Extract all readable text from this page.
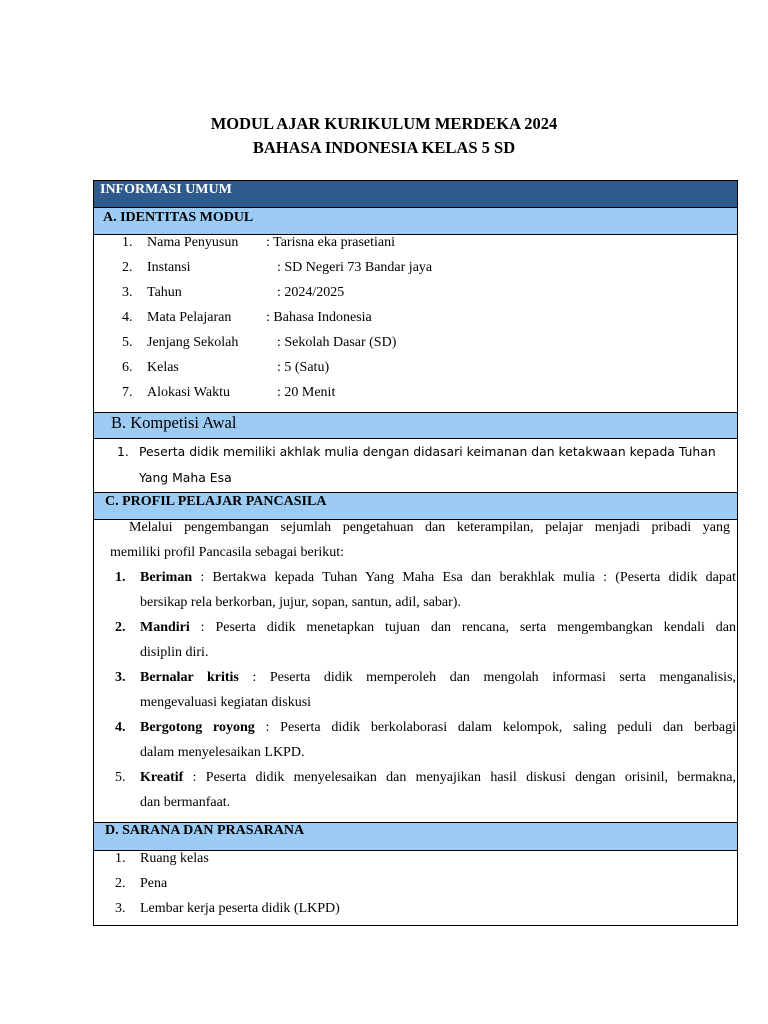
MODUL AJAR KURIKULUM MERDEKA 2024
BAHASA INDONESIA KELAS 5 SD
INFORMASI UMUM
A. IDENTITAS MODUL
1. Nama Penyusun : Tarisna eka prasetiani
2. Instansi	: SD Negeri 73 Bandar jaya
3. Tahun	: 2024/2025
4. Mata Pelajaran : Bahasa Indonesia
5. Jenjang Sekolah	: Sekolah Dasar (SD)
6. Kelas	: 5 (Satu)
7. Alokasi Waktu	: 20 Menit
B. Kompetisi Awal
1. Peserta didik memiliki akhlak mulia dengan didasari keimanan dan ketakwaan kepada Tuhan
Yang Maha Esa
C. PROFIL PELAJAR PANCASILA
Melalui pengembangan sejumlah pengetahuan dan keterampilan, pelajar menjadi pribadi yang
memiliki profil Pancasila sebagai berikut:
1. Beriman : Bertakwa kepada Tuhan Yang Maha Esa dan berakhlak mulia : (Peserta didik dapat
bersikap rela berkorban, jujur, sopan, santun, adil, sabar).
2. Mandiri : Peserta didik menetapkan tujuan dan rencana, serta mengembangkan kendali dan
disiplin diri.
3. Bernalar kritis : Peserta didik memperoleh dan mengolah informasi serta menganalisis,
mengevaluasi kegiatan diskusi
4. Bergotong royong : Peserta didik berkolaborasi dalam kelompok, saling peduli dan berbagi
dalam menyelesaikan LKPD.
5. Kreatif : Peserta didik menyelesaikan dan menyajikan hasil diskusi dengan orisinil, bermakna,
dan bermanfaat.
D. SARANA DAN PRASARANA
1. Ruang kelas
2. Pena
3. Lembar kerja peserta didik (LKPD)
